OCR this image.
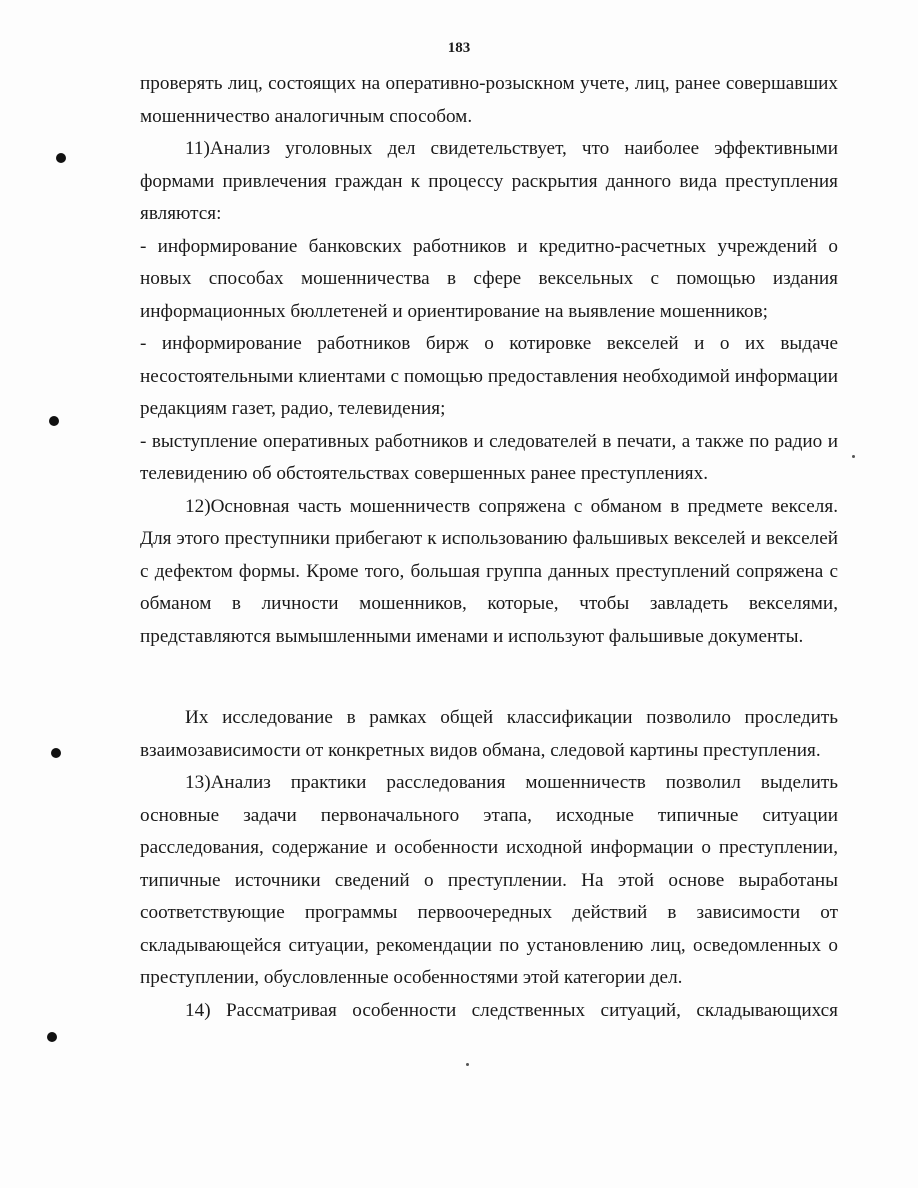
183

проверять лиц, состоящих на оперативно-розыскном учете, лиц, ранее совершавших мошенничество аналогичным способом.

11)Анализ уголовных дел свидетельствует, что наиболее эффективными формами привлечения граждан к процессу раскрытия данного вида преступления являются:

- информирование банковских работников и кредитно-расчетных учреждений о новых способах мошенничества в сфере вексельных с помощью издания информационных бюллетеней и ориентирование на выявление мошенников;

- информирование работников бирж о котировке векселей и о их выдаче несостоятельными клиентами с помощью предоставления необходимой информации редакциям газет, радио, телевидения;

- выступление оперативных работников и следователей в печати, а также по радио и телевидению об обстоятельствах совершенных ранее преступлениях.

12)Основная часть мошенничеств сопряжена с обманом в предмете векселя. Для этого преступники прибегают к использованию фальшивых векселей и векселей с дефектом формы. Кроме того, большая группа данных преступлений сопряжена с обманом в личности мошенников, которые, чтобы завладеть векселями, представляются вымышленными именами и используют фальшивые документы.

Их исследование в рамках общей классификации позволило проследить взаимозависимости от конкретных видов обмана, следовой картины преступления.

13)Анализ практики расследования мошенничеств позволил выделить основные задачи первоначального этапа, исходные типичные ситуации расследования, содержание и особенности исходной информации о преступлении, типичные источники сведений о преступлении. На этой основе выработаны соответствующие программы первоочередных действий в зависимости от складывающейся ситуации, рекомендации по установлению лиц, осведомленных о преступлении, обусловленные особенностями этой категории дел.

14) Рассматривая особенности следственных ситуаций, складывающихся
